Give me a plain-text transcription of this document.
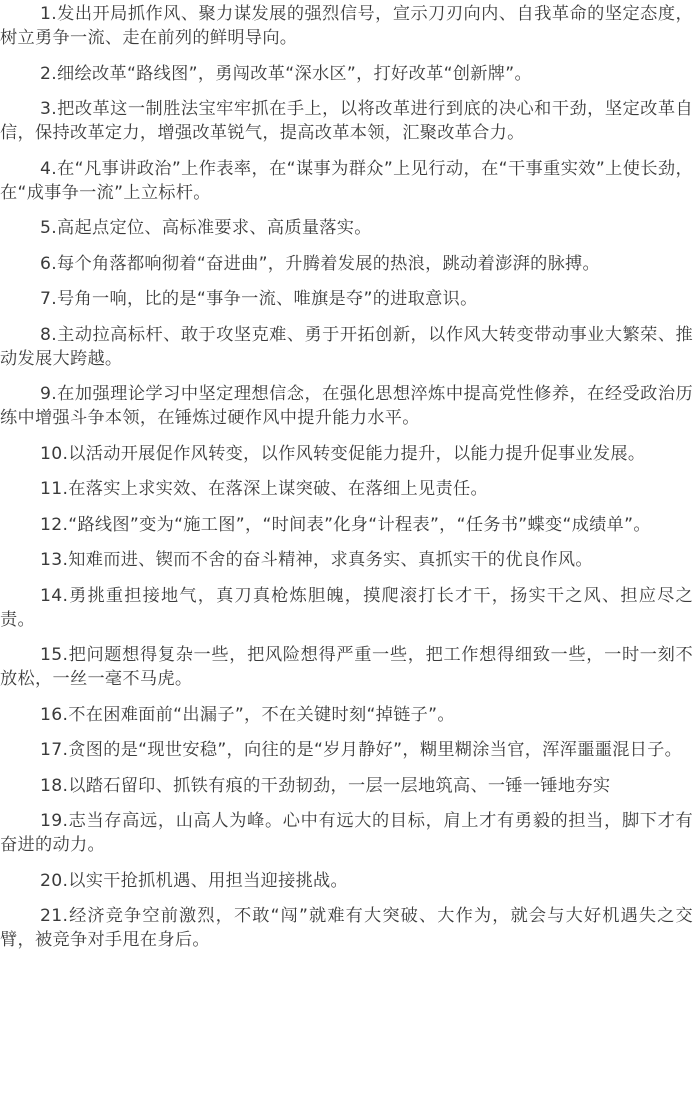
1.发出开局抓作风、聚力谋发展的强烈信号，宣示刀刃向内、自我革命的坚定态度，树立勇争一流、走在前列的鲜明导向。

2.细绘改革“路线图”，勇闯改革“深水区”，打好改革“创新牌”。

3.把改革这一制胜法宝牢牢抓在手上，以将改革进行到底的决心和干劲，坚定改革自信，保持改革定力，增强改革锐气，提高改革本领，汇聚改革合力。

4.在“凡事讲政治”上作表率，在“谋事为群众”上见行动，在“干事重实效”上使长劲，在“成事争一流”上立标杆。

5.高起点定位、高标准要求、高质量落实。

6.每个角落都响彻着“奋进曲”，升腾着发展的热浪，跳动着澎湃的脉搏。

7.号角一响，比的是“事争一流、唯旗是夺”的进取意识。

8.主动拉高标杆、敢于攻坚克难、勇于开拓创新，以作风大转变带动事业大繁荣、推动发展大跨越。

9.在加强理论学习中坚定理想信念，在强化思想淬炼中提高党性修养，在经受政治历练中增强斗争本领，在锤炼过硬作风中提升能力水平。

10.以活动开展促作风转变，以作风转变促能力提升，以能力提升促事业发展。

11.在落实上求实效、在落深上谋突破、在落细上见责任。

12.“路线图”变为“施工图”，“时间表”化身“计程表”，“任务书”蝶变“成绩单”。

13.知难而进、锲而不舍的奋斗精神，求真务实、真抓实干的优良作风。

14.勇挑重担接地气，真刀真枪炼胆魄，摸爬滚打长才干，扬实干之风、担应尽之责。

15.把问题想得复杂一些，把风险想得严重一些，把工作想得细致一些，一时一刻不放松，一丝一毫不马虎。

16.不在困难面前“出漏子”，不在关键时刻“掉链子”。

17.贪图的是“现世安稳”，向往的是“岁月静好”，糊里糊涂当官，浑浑噩噩混日子。

18.以踏石留印、抓铁有痕的干劲韧劲，一层一层地筑高、一锤一锤地夯实

19.志当存高远，山高人为峰。心中有远大的目标，肩上才有勇毅的担当，脚下才有奋进的动力。

20.以实干抢抓机遇、用担当迎接挑战。

21.经济竞争空前激烈，不敢“闯”就难有大突破、大作为，就会与大好机遇失之交臂，被竞争对手甩在身后。
